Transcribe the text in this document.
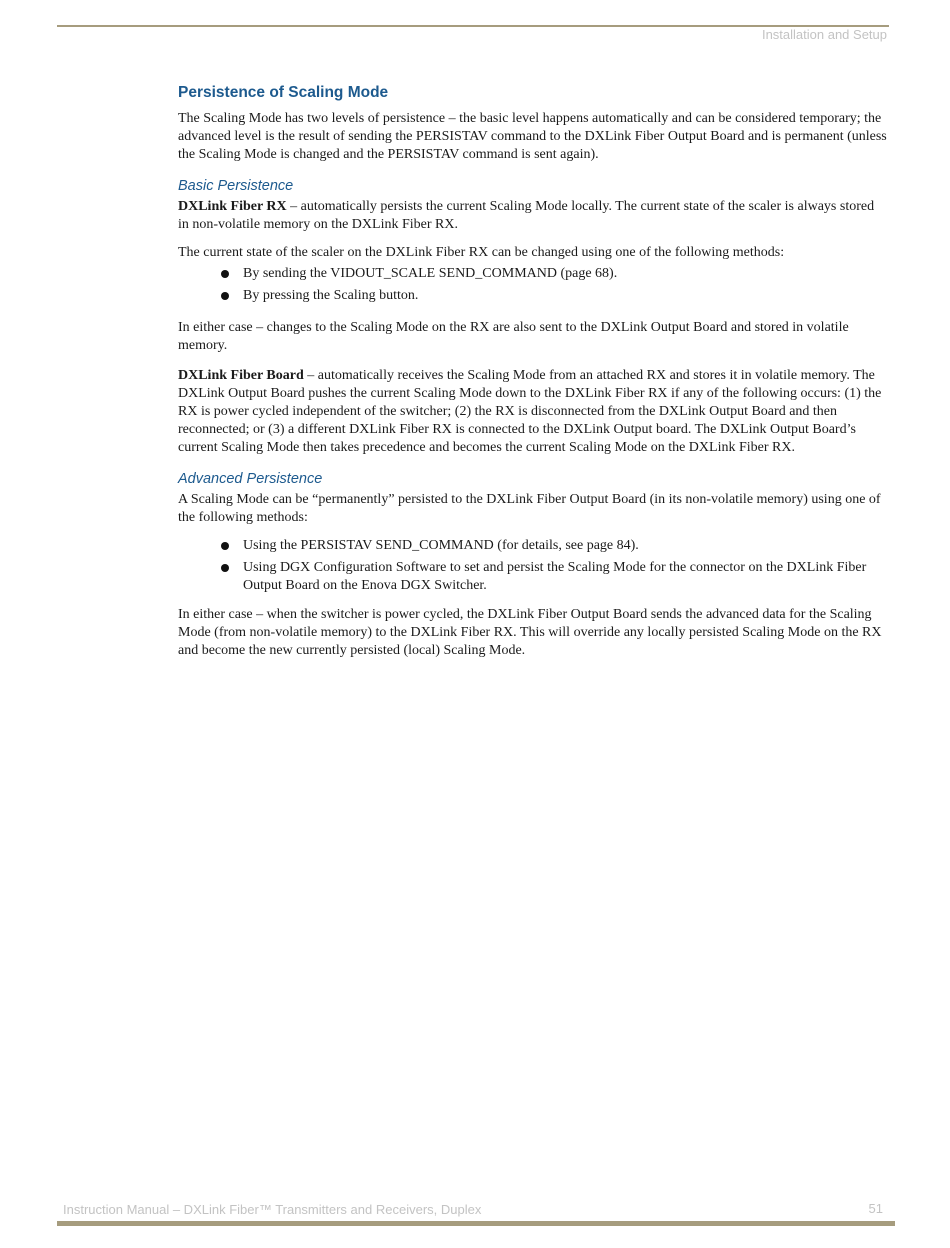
Installation and Setup
Persistence of Scaling Mode

The Scaling Mode has two levels of persistence – the basic level happens automatically and can be considered temporary; the advanced level is the result of sending the PERSISTAV command to the DXLink Fiber Output Board and is permanent (unless the Scaling Mode is changed and the PERSISTAV command is sent again).

Basic Persistence

DXLink Fiber RX – automatically persists the current Scaling Mode locally. The current state of the scaler is always stored in non-volatile memory on the DXLink Fiber RX.

The current state of the scaler on the DXLink Fiber RX can be changed using one of the following methods:

By sending the VIDOUT_SCALE SEND_COMMAND (page 68).
By pressing the Scaling button.

In either case – changes to the Scaling Mode on the RX are also sent to the DXLink Output Board and stored in volatile memory.

DXLink Fiber Board – automatically receives the Scaling Mode from an attached RX and stores it in volatile memory. The DXLink Output Board pushes the current Scaling Mode down to the DXLink Fiber RX if any of the following occurs: (1) the RX is power cycled independent of the switcher; (2) the RX is disconnected from the DXLink Output Board and then reconnected; or (3) a different DXLink Fiber RX is connected to the DXLink Output board. The DXLink Output Board’s current Scaling Mode then takes precedence and becomes the current Scaling Mode on the DXLink Fiber RX.

Advanced Persistence

A Scaling Mode can be “permanently” persisted to the DXLink Fiber Output Board (in its non-volatile memory) using one of the following methods:

Using the PERSISTAV SEND_COMMAND (for details, see page 84).
Using DGX Configuration Software to set and persist the Scaling Mode for the connector on the DXLink Fiber Output Board on the Enova DGX Switcher.

In either case – when the switcher is power cycled, the DXLink Fiber Output Board sends the advanced data for the Scaling Mode (from non-volatile memory) to the DXLink Fiber RX. This will override any locally persisted Scaling Mode on the RX and become the new currently persisted (local) Scaling Mode.

Instruction Manual – DXLink Fiber™ Transmitters and Receivers, Duplex	51
